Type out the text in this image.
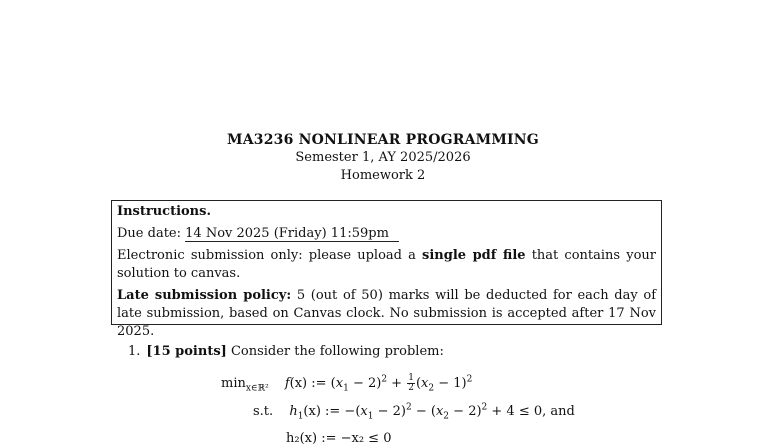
MA3236 NONLINEAR PROGRAMMING
Semester 1, AY 2025/2026
Homework 2
Instructions.
Due date: 14 Nov 2025 (Friday) 11:59pm
Electronic submission only: please upload a single pdf file that contains your solution to canvas.
Late submission policy: 5 (out of 50) marks will be deducted for each day of late submission, based on Canvas clock. No submission is accepted after 17 Nov 2025.
1. [15 points] Consider the following problem:
$\min_{x\in ℝ^2} f(x)$ := $(x_1 - 2)^2 + \frac{1}{2} (x_2 - 1)^2$
s.t. $h_1(x)$ := $-(x_1 - 2)^2 - (x_2 - 2)^2 + 4 \le 0$, and
h₂(x) := −x₂ ≤ 0
